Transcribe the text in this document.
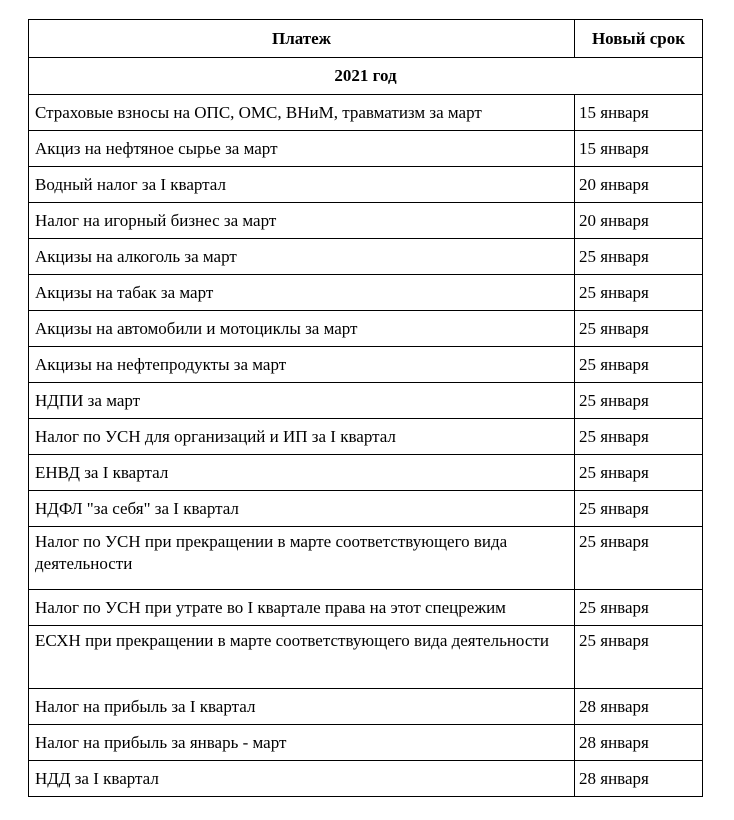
Платеж	Новый срок
2021 год	
Страховые взносы на ОПС, ОМС, ВНиМ, травматизм за март	15 января
Акциз на нефтяное сырье за март	15 января
Водный налог за I квартал	20 января
Налог на игорный бизнес за март	20 января
Акцизы на алкоголь за март	25 января
Акцизы на табак за март	25 января
Акцизы на автомобили и мотоциклы за март	25 января
Акцизы на нефтепродукты за март	25 января
НДПИ за март	25 января
Налог по УСН для организаций и ИП за I квартал	25 января
ЕНВД за I квартал	25 января
НДФЛ "за себя" за I квартал	25 января
Налог по УСН при прекращении в марте соответствующего вида деятельности	25 января
Налог по УСН при утрате во I квартале права на этот спецрежим	25 января
ЕСХН при прекращении в марте соответствующего вида деятельности	25 января
Налог на прибыль за I квартал	28 января
Налог на прибыль за январь - март	28 января
НДД за I квартал	28 января
